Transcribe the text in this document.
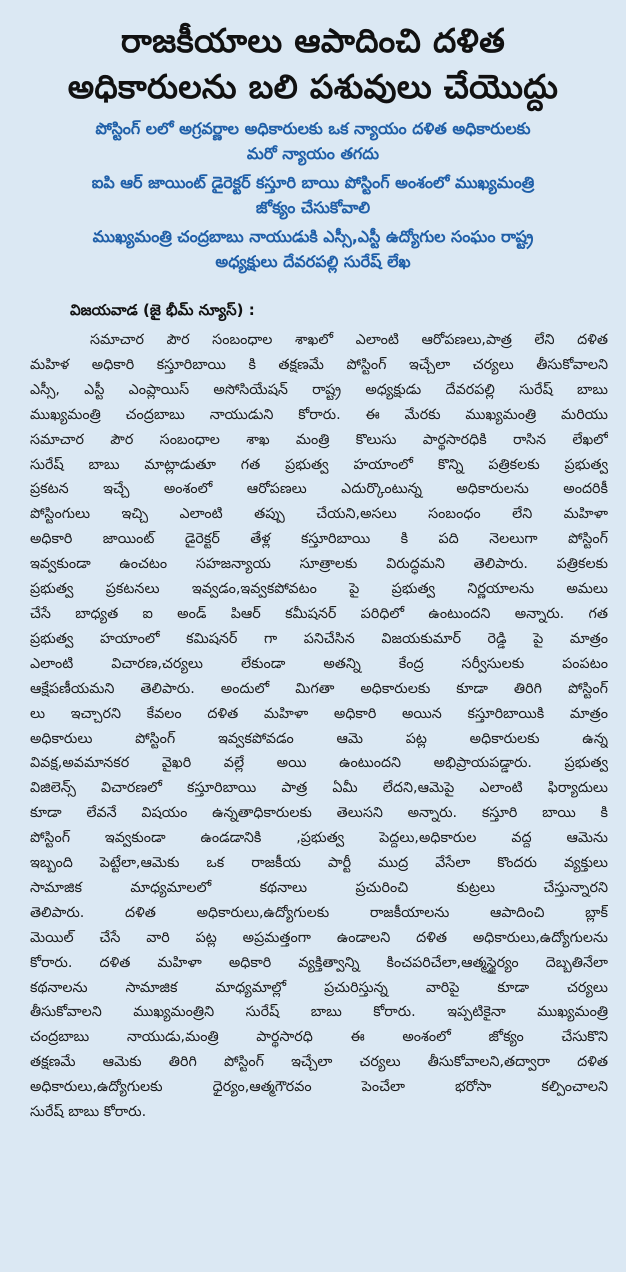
రాజకీయాలు ఆపాదించి దళిత
అధికారులను బలి పశువులు చేయొద్దు

పోస్టింగ్ లలో అగ్రవర్ణాల అధికారులకు ఒక న్యాయం దళిత అధికారులకు
మరో న్యాయం తగదు

ఐపి ఆర్ జాయింట్ డైరెక్టర్ కస్తూరి బాయి పోస్టింగ్ అంశంలో ముఖ్యమంత్రి
జోక్యం చేసుకోవాలి

ముఖ్యమంత్రి చంద్రబాబు నాయుడుకి ఎస్సీ,ఎస్టీ ఉద్యోగుల సంఘం రాష్ట్ర
అధ్యక్షులు దేవరపల్లి సురేష్ లేఖ

విజయవాడ (జై భీమ్ న్యూస్) :
సమాచార పౌర సంబంధాల శాఖలో ఎలాంటి ఆరోపణలు,పాత్ర లేని దళిత
మహిళ అధికారి కస్తూరిబాయి కి తక్షణమే పోస్టింగ్ ఇచ్చేలా చర్యలు తీసుకోవాలని
ఎస్సీ, ఎస్టీ ఎంప్లాయిస్ అసోసియేషన్ రాష్ట్ర అధ్యక్షుడు దేవరపల్లి సురేష్ బాబు
ముఖ్యమంత్రి చంద్రబాబు నాయుడుని కోరారు. ఈ మేరకు ముఖ్యమంత్రి మరియు
సమాచార పౌర సంబంధాల శాఖ మంత్రి కొలుసు పార్థసారధికి రాసిన లేఖలో
సురేష్ బాబు మాట్లాడుతూ గత ప్రభుత్వ హయాంలో కొన్ని పత్రికలకు ప్రభుత్వ
ప్రకటన ఇచ్చే అంశంలో ఆరోపణలు ఎదుర్కొంటున్న అధికారులను అందరికీ
పోస్టింగులు ఇచ్చి ఎలాంటి తప్పు చేయని,అసలు సంబంధం లేని మహిళా
అధికారి జాయింట్ డైరెక్టర్ తేళ్ల కస్తూరిబాయి కి పది నెలలుగా పోస్టింగ్
ఇవ్వకుండా ఉంచటం సహజన్యాయ సూత్రాలకు విరుద్ధమని తెలిపారు. పత్రికలకు
ప్రభుత్వ ప్రకటనలు ఇవ్వడం,ఇవ్వకపోవటం పై ప్రభుత్వ నిర్ణయాలను అమలు
చేసే బాధ్యత ఐ అండ్ పిఆర్ కమీషనర్ పరిధిలో ఉంటుందని అన్నారు. గత
ప్రభుత్వ హయాంలో కమిషనర్ గా పనిచేసిన విజయకుమార్ రెడ్డి పై మాత్రం
ఎలాంటి విచారణ,చర్యలు లేకుండా అతన్ని కేంద్ర సర్వీసులకు పంపటం
ఆక్షేపణీయమని తెలిపారు. అందులో మిగతా అధికారులకు కూడా తిరిగి పోస్టింగ్
లు ఇచ్చారని కేవలం దళిత మహిళా అధికారి అయిన కస్తూరిబాయికి మాత్రం
అధికారులు పోస్టింగ్ ఇవ్వకపోవడం ఆమె పట్ల అధికారులకు ఉన్న
వివక్ష,అవమానకర వైఖరి వల్లే అయి ఉంటుందని అభిప్రాయపడ్డారు. ప్రభుత్వ
విజిలెన్స్ విచారణలో కస్తూరిబాయి పాత్ర ఏమీ లేదని,ఆమెపై ఎలాంటి ఫిర్యాదులు
కూడా లేవనే విషయం ఉన్నతాధికారులకు తెలుసని అన్నారు. కస్తూరి బాయి కి
పోస్టింగ్ ఇవ్వకుండా ఉండడానికి ,ప్రభుత్వ పెద్దలు,అధికారుల వద్ద ఆమెను
ఇబ్బంది పెట్టేలా,ఆమెకు ఒక రాజకీయ పార్టీ ముద్ర వేసేలా కొందరు వ్యక్తులు
సామాజిక మాధ్యమాలలో కథనాలు ప్రచురించి కుట్రలు చేస్తున్నారని
తెలిపారు. దళిత అధికారులు,ఉద్యోగులకు రాజకీయాలను ఆపాదించి బ్లాక్
మెయిల్ చేసే వారి పట్ల అప్రమత్తంగా ఉండాలని దళిత అధికారులు,ఉద్యోగులను
కోరారు. దళిత మహిళా అధికారి వ్యక్తిత్వాన్ని కించపరిచేలా,ఆత్మస్థైర్యం దెబ్బతినేలా
కథనాలను సామాజిక మాధ్యమాల్లో ప్రచురిస్తున్న వారిపై కూడా చర్యలు
తీసుకోవాలని ముఖ్యమంత్రిని సురేష్ బాబు కోరారు. ఇప్పటికైనా ముఖ్యమంత్రి
చంద్రబాబు నాయుడు,మంత్రి పార్థసారధి ఈ అంశంలో జోక్యం చేసుకొని
తక్షణమే ఆమెకు తిరిగి పోస్టింగ్ ఇచ్చేలా చర్యలు తీసుకోవాలని,తద్వారా దళిత
అధికారులు,ఉద్యోగులకు ధైర్యం,ఆత్మగౌరవం పెంచేలా భరోసా కల్పించాలని
సురేష్ బాబు కోరారు.
